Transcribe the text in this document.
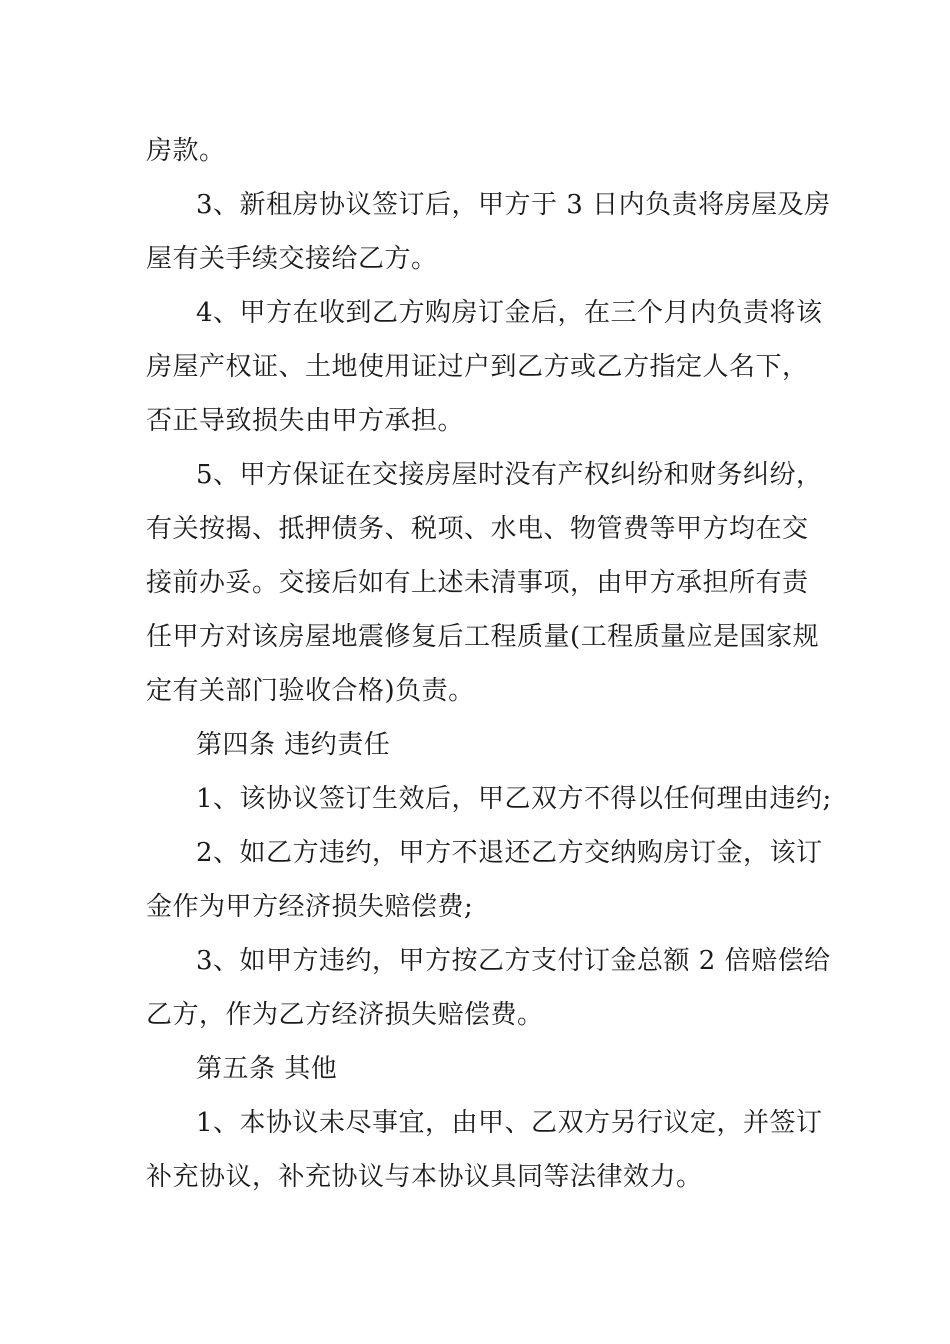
房款。
3、新租房协议签订后，甲方于 3 日内负责将房屋及房
屋有关手续交接给乙方。
4、甲方在收到乙方购房订金后，在三个月内负责将该
房屋产权证、土地使用证过户到乙方或乙方指定人名下，
否正导致损失由甲方承担。
5、甲方保证在交接房屋时没有产权纠纷和财务纠纷，
有关按揭、抵押债务、税项、水电、物管费等甲方均在交
接前办妥。交接后如有上述未清事项，由甲方承担所有责
任甲方对该房屋地震修复后工程质量(工程质量应是国家规
定有关部门验收合格)负责。
第四条 违约责任
1、该协议签订生效后，甲乙双方不得以任何理由违约;
2、如乙方违约，甲方不退还乙方交纳购房订金，该订
金作为甲方经济损失赔偿费;
3、如甲方违约，甲方按乙方支付订金总额 2 倍赔偿给
乙方，作为乙方经济损失赔偿费。
第五条 其他
1、本协议未尽事宜，由甲、乙双方另行议定，并签订
补充协议，补充协议与本协议具同等法律效力。
